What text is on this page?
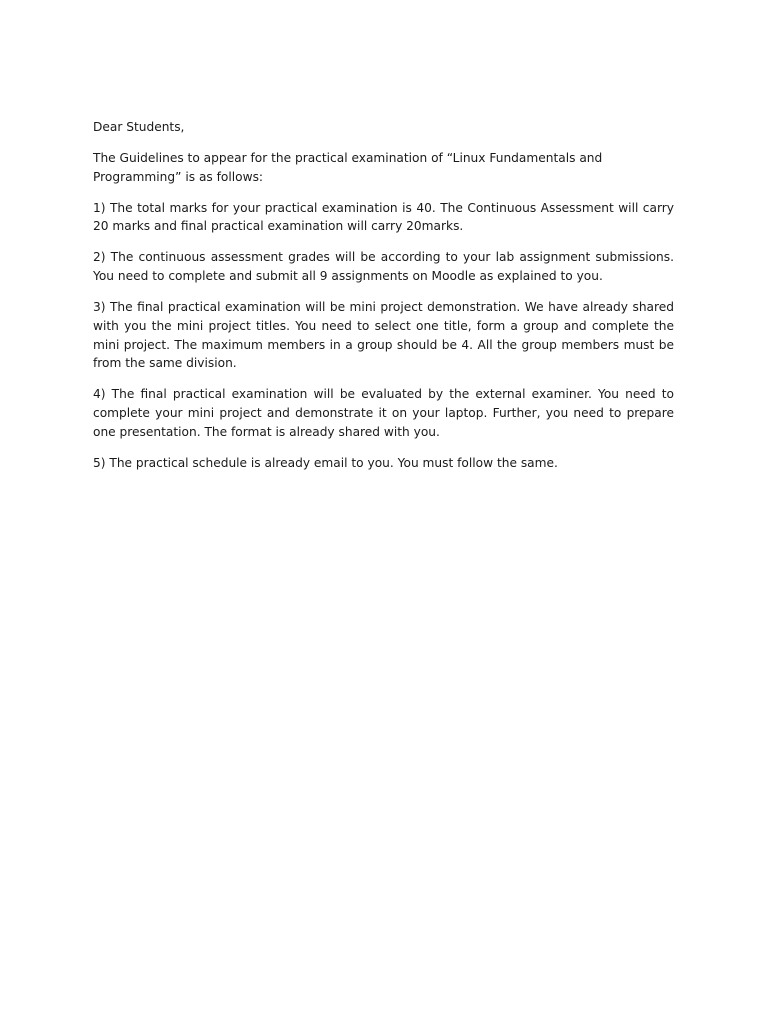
Dear Students,

The Guidelines to appear for the practical examination of “Linux Fundamentals and Programming” is as follows:

1) The total marks for your practical examination is 40. The Continuous Assessment will carry 20 marks and final practical examination will carry 20marks.

2) The continuous assessment grades will be according to your lab assignment submissions. You need to complete and submit all 9 assignments on Moodle as explained to you.

3) The final practical examination will be mini project demonstration. We have already shared with you the mini project titles. You need to select one title, form a group and complete the mini project. The maximum members in a group should be 4. All the group members must be from the same division.

4) The final practical examination will be evaluated by the external examiner. You need to complete your mini project and demonstrate it on your laptop. Further, you need to prepare one presentation. The format is already shared with you.

5) The practical schedule is already email to you. You must follow the same.
